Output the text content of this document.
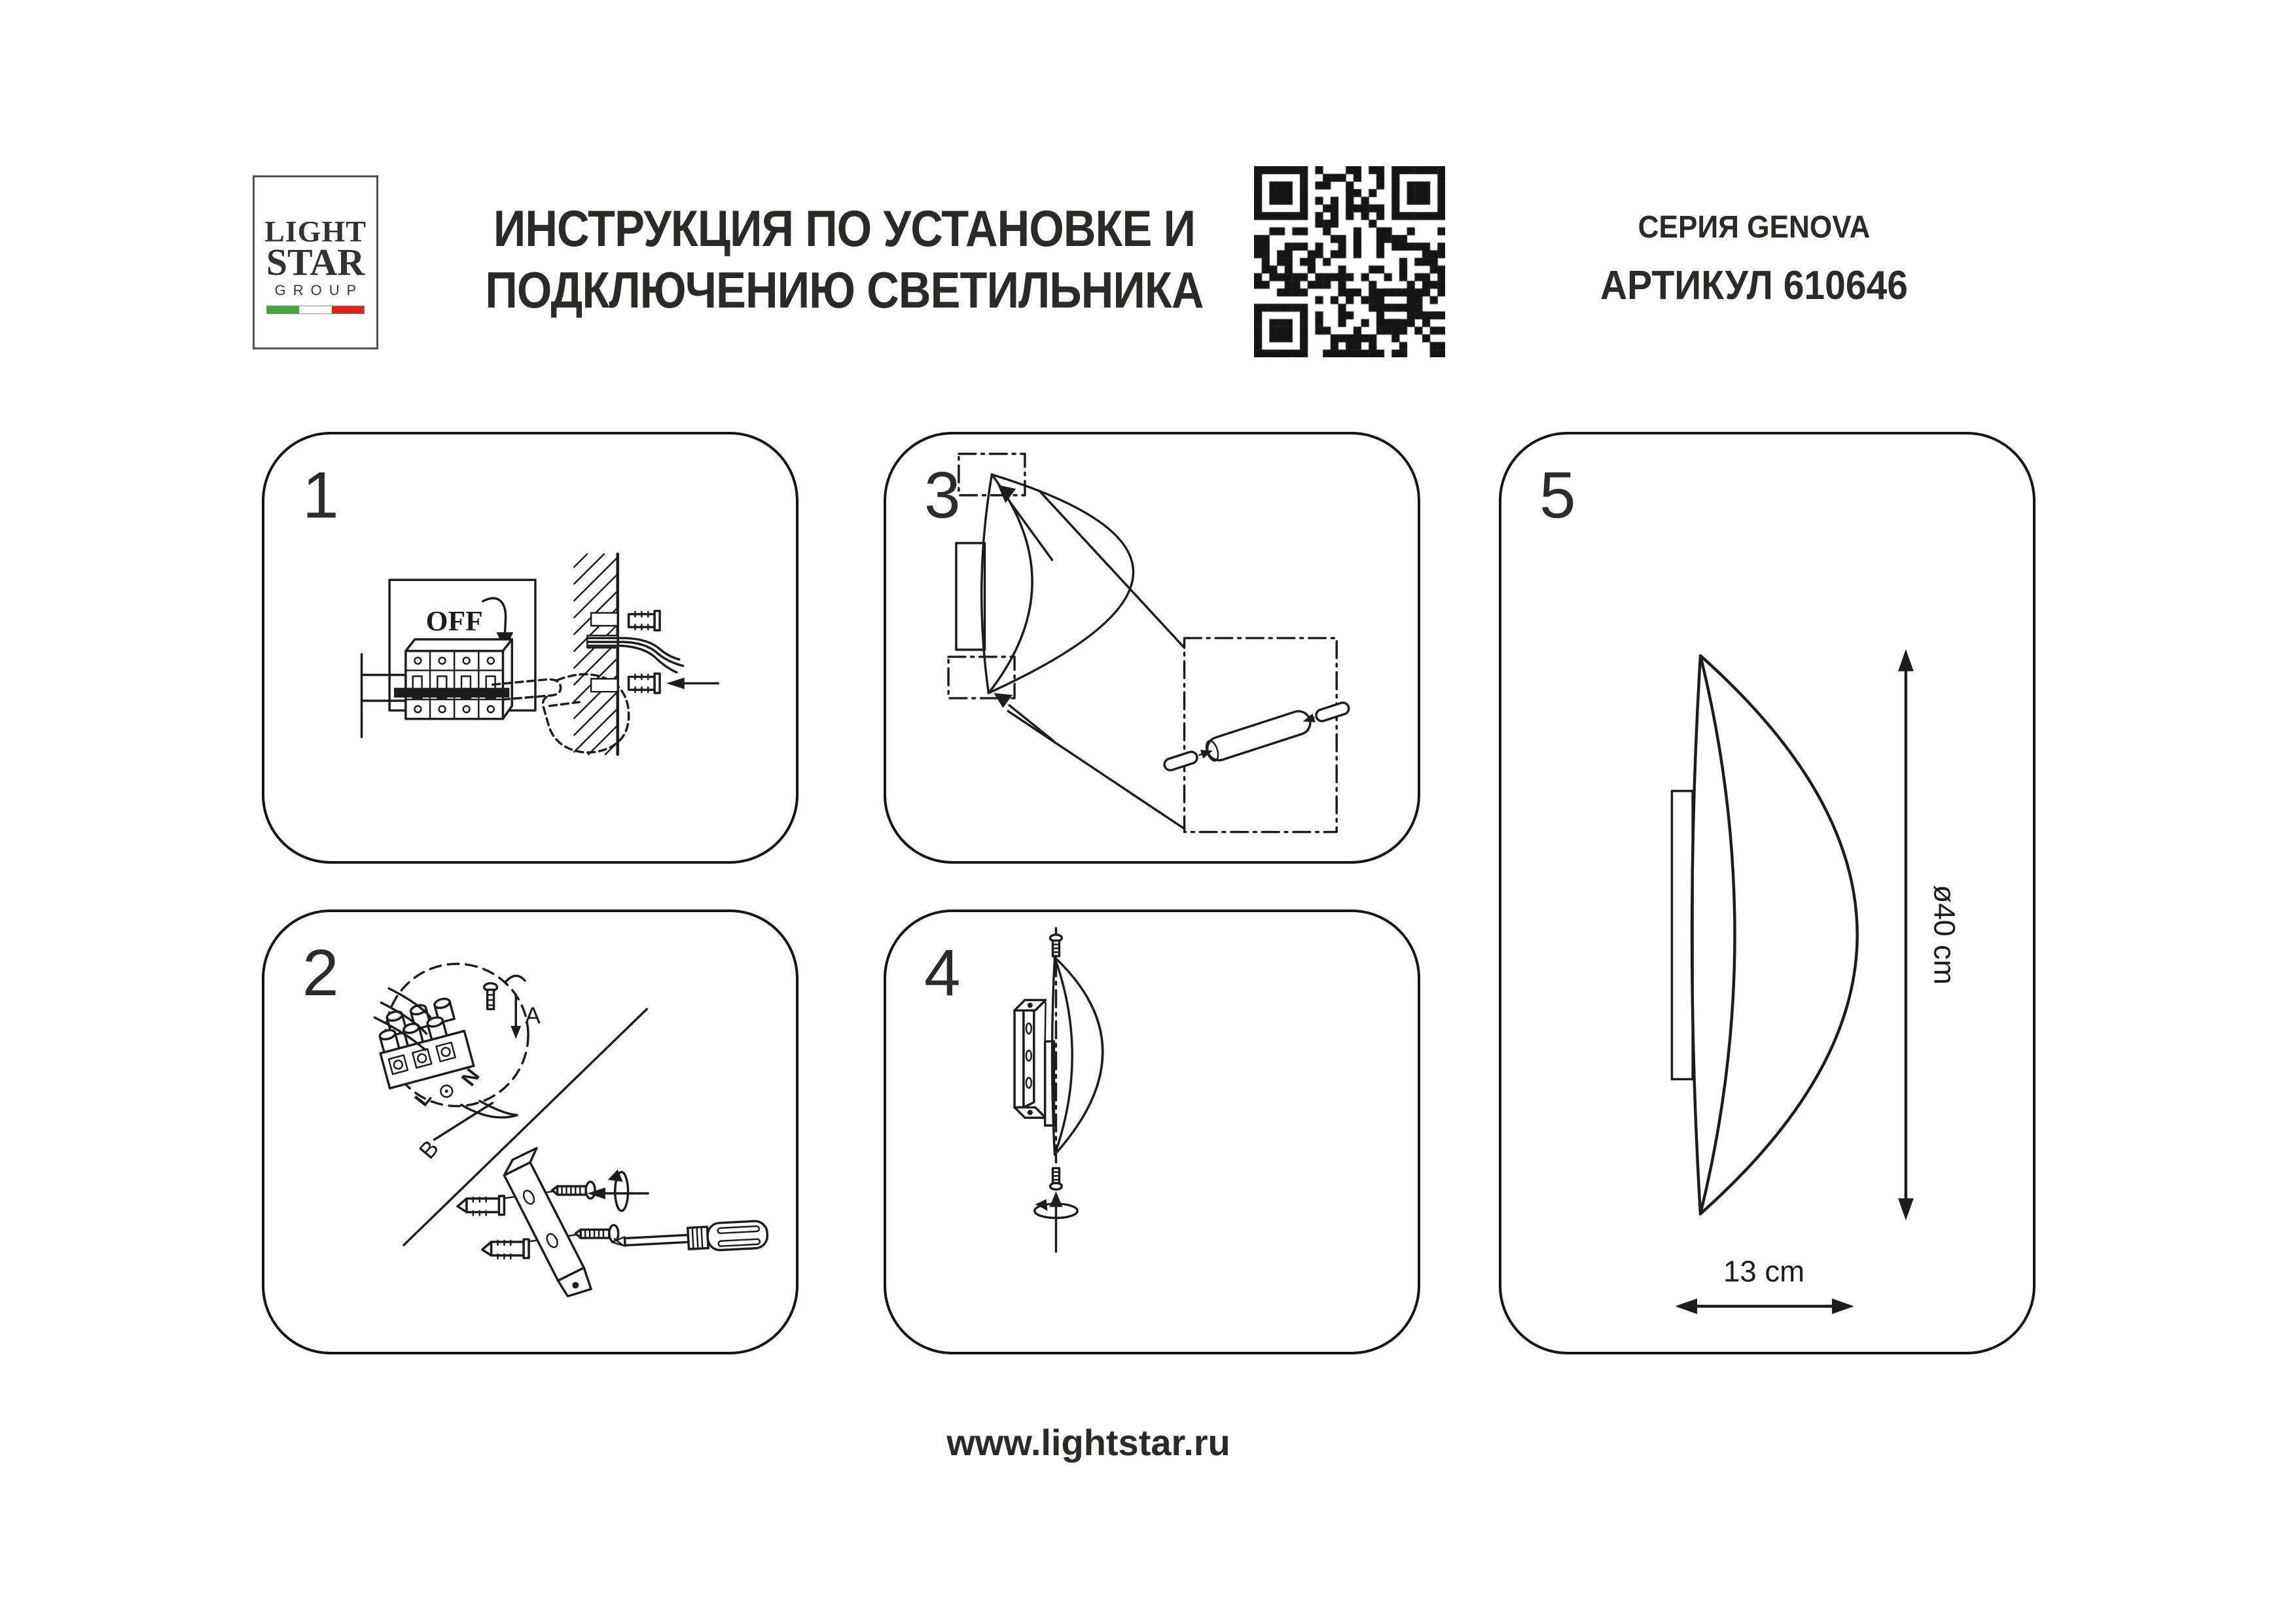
LIGHT
STAR
GROUP
ИНСТРУКЦИЯ ПО УСТАНОВКЕ И
ПОДКЛЮЧЕНИЮ СВЕТИЛЬНИКА
СЕРИЯ GENOVA
АРТИКУЛ 610646
1
OFF
2
A
N
L
B
3
4
5
ø40 cm
13 cm
www.lightstar.ru
